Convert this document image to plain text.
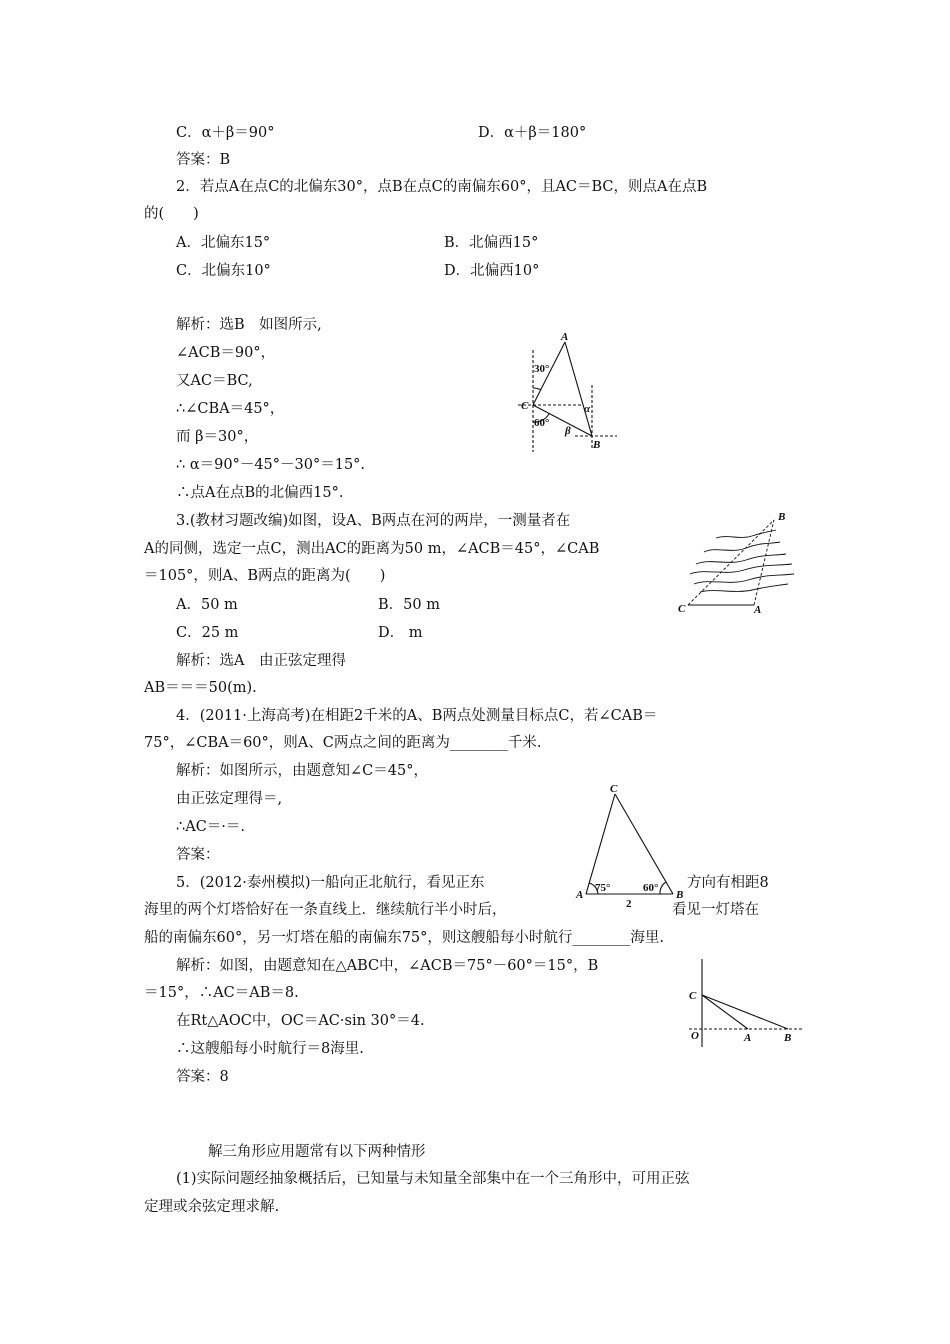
C．α＋β＝90°	D．α＋β＝180°
答案：B
2．若点A在点C的北偏东30°，点B在点C的南偏东60°，且AC＝BC，则点A在点B
的(　　)
A．北偏东15°	B．北偏西15°
C．北偏东10°	D．北偏西10°
解析：选B　如图所示,
∠ACB＝90°，
又AC＝BC,
∴∠CBA＝45°，
而 β＝30°，
∴ α＝90°－45°－30°＝15°.
∴点A在点B的北偏西15°.
3.(教材习题改编)如图，设A、B两点在河的两岸，一测量者在
A的同侧，选定一点C，测出AC的距离为50 m，∠ACB＝45°，∠CAB
＝105°，则A、B两点的距离为(　　)
A．50 m	B．50 m
C．25 m	D． m
解析：选A　由正弦定理得
AB＝＝＝50(m).
4．(2011·上海高考)在相距2千米的A、B两点处测量目标点C，若∠CAB＝
75°，∠CBA＝60°，则A、C两点之间的距离为________千米.
解析：如图所示，由题意知∠C＝45°，
由正弦定理得＝,
∴AC＝·＝.
答案：
5．(2012·泰州模拟)一船向正北航行，看见正东	方向有相距8
海里的两个灯塔恰好在一条直线上．继续航行半小时后，	看见一灯塔在
船的南偏东60°，另一灯塔在船的南偏东75°，则这艘船每小时航行________海里.
解析：如图，由题意知在△ABC中，∠ACB＝75°－60°＝15°，B
＝15°，∴AC＝AB＝8.
在Rt△AOC中，OC＝AC·sin 30°＝4.
∴这艘船每小时航行＝8海里.
答案：8
解三角形应用题常有以下两种情形
(1)实际问题经抽象概括后，已知量与未知量全部集中在一个三角形中，可用正弦
定理或余弦定理求解.
A
C
B
30°
60°
α
β
C	A
B
C
A	B
75°	60°
2
C
O	A	B
